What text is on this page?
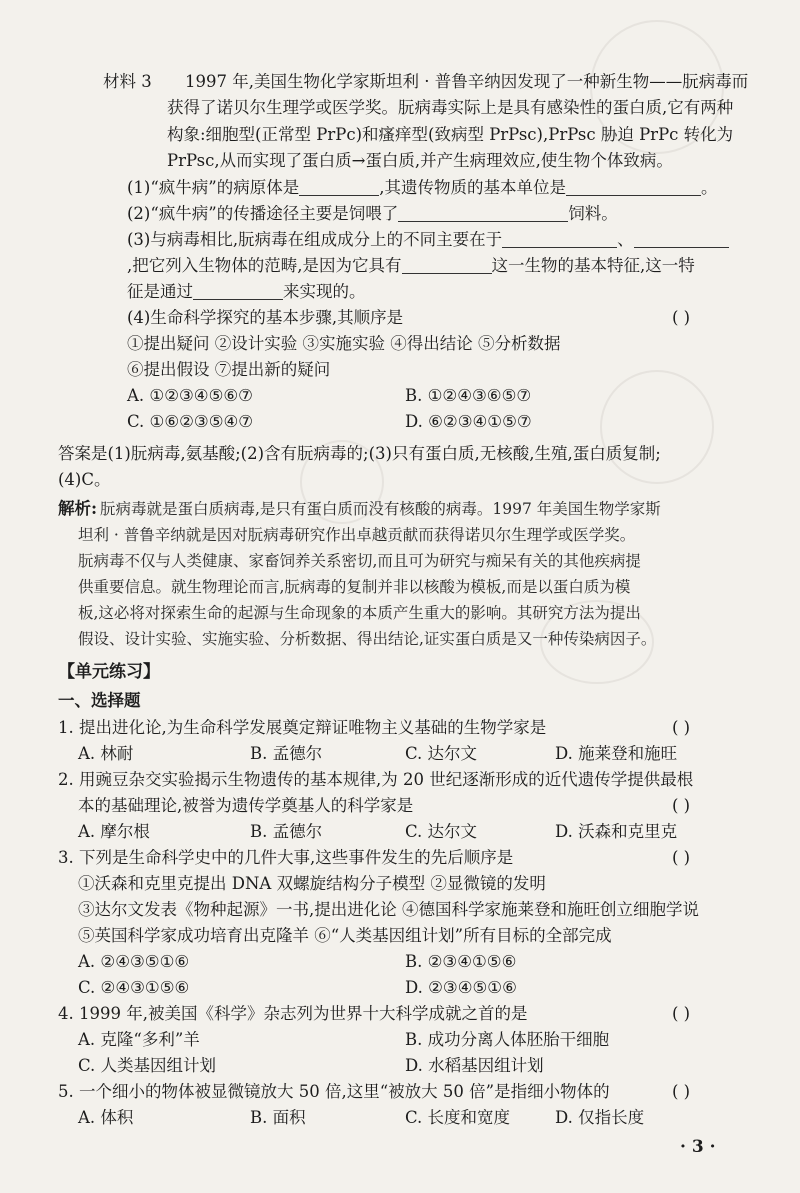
材料 3 1997 年,美国生物化学家斯坦利 · 普鲁辛纳因发现了一种新生物——朊病毒而
获得了诺贝尔生理学或医学奖。朊病毒实际上是具有感染性的蛋白质,它有两种
构象:细胞型(正常型 PrPc)和瘙痒型(致病型 PrPsc),PrPsc 胁迫 PrPc 转化为
PrPsc,从而实现了蛋白质→蛋白质,并产生病理效应,使生物个体致病。
(1)“疯牛病”的病原体是	,其遗传物质的基本单位是	。
(2)“疯牛病”的传播途径主要是饲喂了	饲料。
(3)与病毒相比,朊病毒在组成成分上的不同主要在于	、
,把它列入生物体的范畴,是因为它具有	这一生物的基本特征,这一特
征是通过	来实现的。
(4)生命科学探究的基本步骤,其顺序是	( )
①提出疑问 ②设计实验 ③实施实验 ④得出结论 ⑤分析数据
⑥提出假设 ⑦提出新的疑问
A. ①②③④⑤⑥⑦	B. ①②④③⑥⑤⑦
C. ①⑥②③⑤④⑦	D. ⑥②③④①⑤⑦
答案是(1)朊病毒,氨基酸;(2)含有朊病毒的;(3)只有蛋白质,无核酸,生殖,蛋白质复制;
(4)C。
解析: 朊病毒就是蛋白质病毒,是只有蛋白质而没有核酸的病毒。1997 年美国生物学家斯
坦利 · 普鲁辛纳就是因对朊病毒研究作出卓越贡献而获得诺贝尔生理学或医学奖。
朊病毒不仅与人类健康、家畜饲养关系密切,而且可为研究与痴呆有关的其他疾病提
供重要信息。就生物理论而言,朊病毒的复制并非以核酸为模板,而是以蛋白质为模
板,这必将对探索生命的起源与生命现象的本质产生重大的影响。其研究方法为提出
假设、设计实验、实施实验、分析数据、得出结论,证实蛋白质是又一种传染病因子。
【单元练习】
一、选择题
1. 提出进化论,为生命科学发展奠定辩证唯物主义基础的生物学家是	( )
A. 林耐	B. 孟德尔	C. 达尔文	D. 施莱登和施旺
2. 用豌豆杂交实验揭示生物遗传的基本规律,为 20 世纪逐渐形成的近代遗传学提供最根
本的基础理论,被誉为遗传学奠基人的科学家是	( )
A. 摩尔根	B. 孟德尔	C. 达尔文	D. 沃森和克里克
3. 下列是生命科学史中的几件大事,这些事件发生的先后顺序是	( )
①沃森和克里克提出 DNA 双螺旋结构分子模型 ②显微镜的发明
③达尔文发表《物种起源》一书,提出进化论 ④德国科学家施莱登和施旺创立细胞学说
⑤英国科学家成功培育出克隆羊 ⑥“人类基因组计划”所有目标的全部完成
A. ②④③⑤①⑥	B. ②③④①⑤⑥
C. ②④③①⑤⑥	D. ②③④⑤①⑥
4. 1999 年,被美国《科学》杂志列为世界十大科学成就之首的是	( )
A. 克隆“多利”羊	B. 成功分离人体胚胎干细胞
C. 人类基因组计划	D. 水稻基因组计划
5. 一个细小的物体被显微镜放大 50 倍,这里“被放大 50 倍”是指细小物体的	( )
A. 体积	B. 面积	C. 长度和宽度	D. 仅指长度
· 3 ·
